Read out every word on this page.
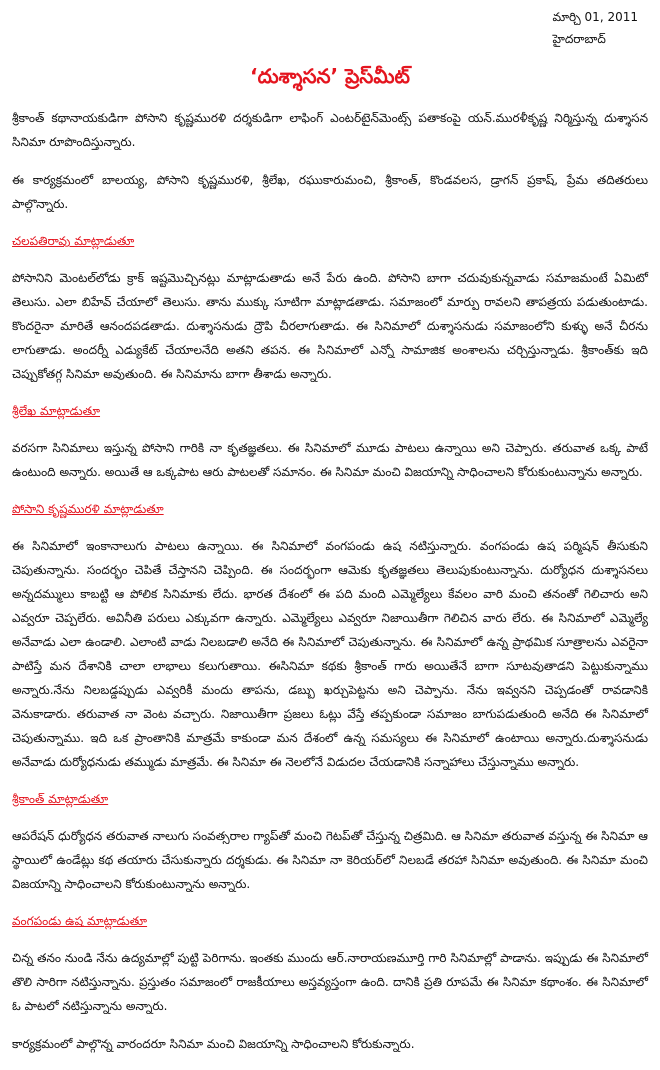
మార్చి 01, 2011
హైదరాబాద్
‘దుశ్శాసన’ ప్రెస్‌మీట్

శ్రీకాంత్ కథానాయకుడిగా పోసాని కృష్ణమురళి దర్శకుడిగా లాఫింగ్ ఎంటర్‌టైన్‌మెంట్స్ పతాకంపై యన్.మురళీకృష్ణ నిర్మిస్తున్న దుశ్శాసన సినిమా రూపొందిస్తున్నారు.

ఈ కార్యక్రమంలో బాలయ్య, పోసాని కృష్ణమురళి, శ్రీలేఖ, రఘుకారుమంచి, శ్రీకాంత్, కొండవలస, డ్రాగన్ ప్రకాష్, ప్రేమ తదితరులు పాల్గొన్నారు.

చలపతిరావు మాట్లాడుతూ

పోసానిని మెంటల్‌లోడు క్రాక్ ఇష్టమొచ్చినట్లు మాట్లాడుతాడు అనే పేరు ఉంది. పోసాని బాగా చదువుకున్నవాడు సమాజమంటే ఏమిటో తెలుసు. ఎలా బిహేవ్ చేయాలో తెలుసు. తాను ముక్కు సూటిగా మాట్లాడతాడు. సమాజంలో మార్పు రావలని తాపత్రయ పడుతుంటాడు. కొందరైనా మారితే ఆనందపడతాడు. దుశ్శాసనుడు ద్రౌపి చీరలాగుతాడు. ఈ సినిమాలో దుశ్శాసనుడు సమాజంలోని కుళ్ళు అనే చీరను లాగుతాడు. అందర్నీ ఎడ్యుకేట్ చేయాలనేది అతని తపన. ఈ సినిమాలో ఎన్నో సామాజిక అంశాలను చర్చిస్తున్నాడు. శ్రీకాంత్‌కు ఇది చెప్పుకోతగ్గ సినిమా అవుతుంది. ఈ సినిమాను బాగా తీశాడు అన్నారు.

శ్రీలేఖ మాట్లాడుతూ

వరసగా సినిమాలు ఇస్తున్న పోసాని గారికి నా కృతజ్ఞతలు. ఈ సినిమాలో మూడు పాటలు ఉన్నాయి అని చెప్పారు. తరువాత ఒక్క పాటే ఉంటుంది అన్నారు. అయితే ఆ ఒక్కపాట ఆరు పాటలతో సమానం. ఈ సినిమా మంచి విజయాన్ని సాధించాలని కోరుకుంటున్నాను అన్నారు.

పోసాని కృష్ణమురళి మాట్లాడుతూ

ఈ సినిమాలో ఇంకానాలుగు పాటలు ఉన్నాయి. ఈ సినిమాలో వంగపండు ఉష నటిస్తున్నారు. వంగపండు ఉష పర్మిషన్ తీసుకుని చెపుతున్నాను. సందర్భం చెపితే చేస్తానని చెప్పింది. ఈ సందర్భంగా ఆమెకు కృతజ్ఞతలు తెలుపుకుంటున్నాను. దుర్యోధన దుశ్శాసనలు అన్నదమ్ములు కాబట్టి ఆ పోలిక సినిమాకు లేదు. భారత దేశంలో ఈ పది మంది ఎమ్మెల్యేలు కేవలం వారి మంచి తనంతో గెలిచారు అని ఎవ్వరూ చెప్పలేరు. అవినీతి పరులు ఎక్కువగా ఉన్నారు. ఎమ్మెల్యేలు ఎవ్వరూ నిజాయితీగా గెలిచిన వారు లేరు. ఈ సినిమాలో ఎమ్మెల్యే అనేవాడు ఎలా ఉండాలి. ఎలాంటి వాడు నిలబడాలి అనేది ఈ సినిమాలో చెపుతున్నాను. ఈ సినిమాలో ఉన్న ప్రాథమిక సూత్రాలను ఎవరైనా పాటిస్తే మన దేశానికి చాలా లాభాలు కలుగుతాయి. ఈసినిమా కథకు శ్రీకాంత్ గారు అయితేనే బాగా సూటవుతాడని పెట్టుకున్నాము అన్నారు.నేను నిలబడ్డప్పుడు ఎవ్వరికీ మందు తాపను, డబ్బు ఖర్చుపెట్టను అని చెప్పాను. నేను ఇవ్వనని చెప్పడంతో రావడానికి వెనుకాడారు. తరువాత నా వెంట వచ్చారు. నిజాయితీగా ప్రజలు ఓట్లు వేస్తే తప్పకుండా సమాజం బాగుపడుతుంది అనేది ఈ సినిమాలో చెపుతున్నాము. ఇది ఒక ప్రాంతానికి మాత్రమే కాకుండా మన దేశంలో ఉన్న సమస్యలు ఈ సినిమాలో ఉంటాయి అన్నారు.దుశ్శాసనుడు అనేవాడు దుర్యోధనుడు తమ్ముడు మాత్రమే. ఈ సినిమా ఈ నెలలోనే విడుదల చేయడానికి సన్నాహాలు చేస్తున్నాము అన్నారు.

శ్రీకాంత్ మాట్లాడుతూ

ఆపరేషన్ ధుర్యోధన తరువాత నాలుగు సంవత్సరాల గ్యాప్‌తో మంచి గెటప్‌తో చేస్తున్న చిత్రమిది. ఆ సినిమా తరువాత వస్తున్న ఈ సినిమా ఆ స్థాయిలో ఉండేట్లు కథ తయారు చేసుకున్నారు దర్శకుడు. ఈ సినిమా నా కెరియర్‌లో నిలబడే తరహా సినిమా అవుతుంది. ఈ సినిమా మంచి విజయాన్ని సాధించాలని కోరుకుంటున్నాను అన్నారు.

వంగపండు ఉష మాట్లాడుతూ

చిన్న తనం నుండి నేను ఉద్యమాల్లో పుట్టి పెరిగాను. ఇంతకు ముందు ఆర్.నారాయణమూర్తి గారి సినిమాల్లో పాడాను. ఇప్పుడు ఈ సినిమాలో తొలి సారిగా నటిస్తున్నాను. ప్రస్తుతం సమాజంలో రాజకీయాలు అస్తవ్యస్తంగా ఉంది. దానికి ప్రతి రూపమే ఈ సినిమా కథాంశం. ఈ సినిమాలో ఓ పాటలో నటిస్తున్నాను అన్నారు.

కార్యక్రమంలో పాల్గొన్న వారందరూ సినిమా మంచి విజయాన్ని సాధించాలని కోరుకున్నారు.
